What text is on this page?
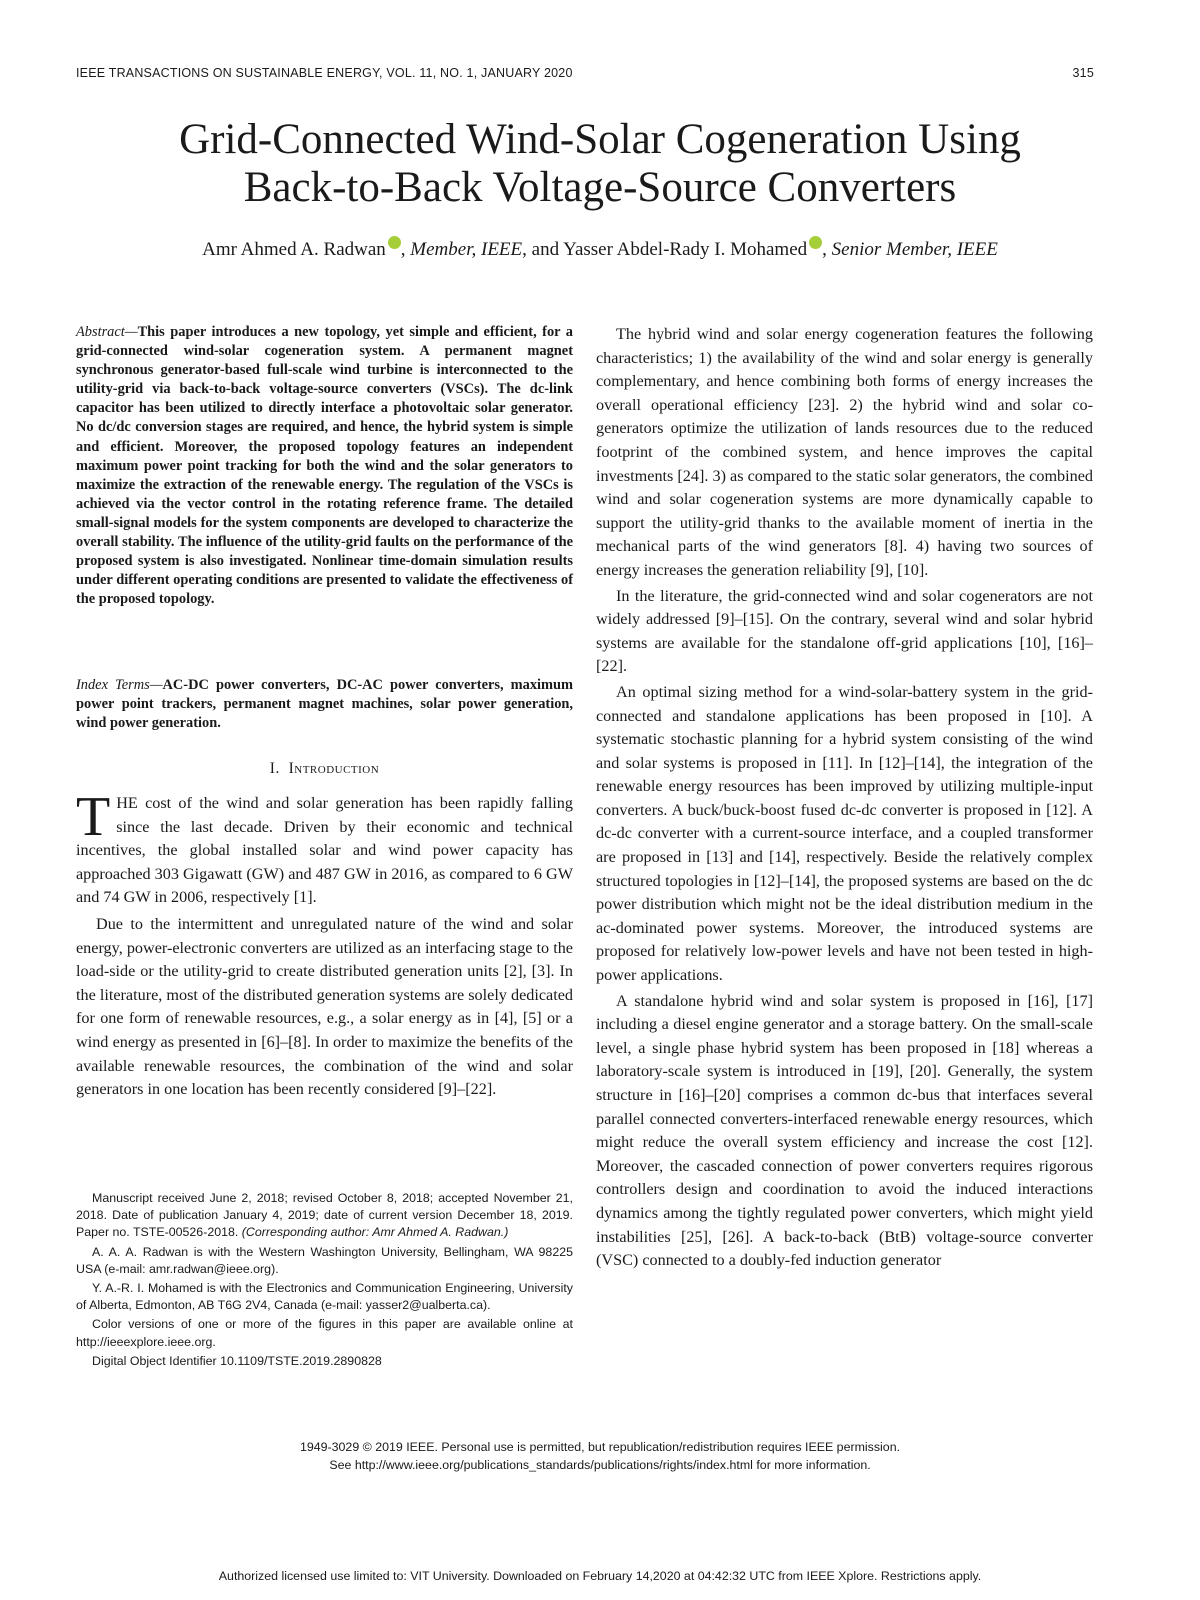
IEEE TRANSACTIONS ON SUSTAINABLE ENERGY, VOL. 11, NO. 1, JANUARY 2020	315
Grid-Connected Wind-Solar Cogeneration Using
Back-to-Back Voltage-Source Converters
Amr Ahmed A. Radwan , Member, IEEE, and Yasser Abdel-Rady I. Mohamed , Senior Member, IEEE
Abstract—This paper introduces a new topology, yet simple and efficient, for a grid-connected wind-solar cogeneration system. A permanent magnet synchronous generator-based full-scale wind turbine is interconnected to the utility-grid via back-to-back voltage-source converters (VSCs). The dc-link capacitor has been utilized to directly interface a photovoltaic solar generator. No dc/dc conversion stages are required, and hence, the hybrid system is simple and efficient. Moreover, the proposed topology features an independent maximum power point tracking for both the wind and the solar generators to maximize the extraction of the renewable energy. The regulation of the VSCs is achieved via the vector control in the rotating reference frame. The detailed small-signal models for the system components are developed to characterize the overall stability. The influence of the utility-grid faults on the performance of the proposed system is also investigated. Nonlinear time-domain simulation results under different operating conditions are presented to validate the effectiveness of the proposed topology.
Index Terms—AC-DC power converters, DC-AC power converters, maximum power point trackers, permanent magnet machines, solar power generation, wind power generation.
I. Introduction

THE cost of the wind and solar generation has been rapidly falling since the last decade. Driven by their economic and technical incentives, the global installed solar and wind power capacity has approached 303 Gigawatt (GW) and 487 GW in 2016, as compared to 6 GW and 74 GW in 2006, respectively [1].

Due to the intermittent and unregulated nature of the wind and solar energy, power-electronic converters are utilized as an interfacing stage to the load-side or the utility-grid to create distributed generation units [2], [3]. In the literature, most of the distributed generation systems are solely dedicated for one form of renewable resources, e.g., a solar energy as in [4], [5] or a wind energy as presented in [6]–[8]. In order to maximize the benefits of the available renewable resources, the combination of the wind and solar generators in one location has been recently considered [9]–[22].

Manuscript received June 2, 2018; revised October 8, 2018; accepted November 21, 2018. Date of publication January 4, 2019; date of current version December 18, 2019. Paper no. TSTE-00526-2018. (Corresponding author: Amr Ahmed A. Radwan.)

A. A. A. Radwan is with the Western Washington University, Bellingham, WA 98225 USA (e-mail: amr.radwan@ieee.org).

Y. A.-R. I. Mohamed is with the Electronics and Communication Engineering, University of Alberta, Edmonton, AB T6G 2V4, Canada (e-mail: yasser2@ualberta.ca).

Color versions of one or more of the figures in this paper are available online at http://ieeexplore.ieee.org.

Digital Object Identifier 10.1109/TSTE.2019.2890828

The hybrid wind and solar energy cogeneration features the following characteristics; 1) the availability of the wind and solar energy is generally complementary, and hence combining both forms of energy increases the overall operational efficiency [23]. 2) the hybrid wind and solar co-generators optimize the utilization of lands resources due to the reduced footprint of the combined system, and hence improves the capital investments [24]. 3) as compared to the static solar generators, the combined wind and solar cogeneration systems are more dynamically capable to support the utility-grid thanks to the available moment of inertia in the mechanical parts of the wind generators [8]. 4) having two sources of energy increases the generation reliability [9], [10].

In the literature, the grid-connected wind and solar cogenerators are not widely addressed [9]–[15]. On the contrary, several wind and solar hybrid systems are available for the standalone off-grid applications [10], [16]–[22].

An optimal sizing method for a wind-solar-battery system in the grid-connected and standalone applications has been proposed in [10]. A systematic stochastic planning for a hybrid system consisting of the wind and solar systems is proposed in [11]. In [12]–[14], the integration of the renewable energy resources has been improved by utilizing multiple-input converters. A buck/buck-boost fused dc-dc converter is proposed in [12]. A dc-dc converter with a current-source interface, and a coupled transformer are proposed in [13] and [14], respectively. Beside the relatively complex structured topologies in [12]–[14], the proposed systems are based on the dc power distribution which might not be the ideal distribution medium in the ac-dominated power systems. Moreover, the introduced systems are proposed for relatively low-power levels and have not been tested in high-power applications.

A standalone hybrid wind and solar system is proposed in [16], [17] including a diesel engine generator and a storage battery. On the small-scale level, a single phase hybrid system has been proposed in [18] whereas a laboratory-scale system is introduced in [19], [20]. Generally, the system structure in [16]–[20] comprises a common dc-bus that interfaces several parallel connected converters-interfaced renewable energy resources, which might reduce the overall system efficiency and increase the cost [12]. Moreover, the cascaded connection of power converters requires rigorous controllers design and coordination to avoid the induced interactions dynamics among the tightly regulated power converters, which might yield instabilities [25], [26]. A back-to-back (BtB) voltage-source converter (VSC) connected to a doubly-fed induction generator

1949-3029 © 2019 IEEE. Personal use is permitted, but republication/redistribution requires IEEE permission.
See http://www.ieee.org/publications_standards/publications/rights/index.html for more information.
Authorized licensed use limited to: VIT University. Downloaded on February 14,2020 at 04:42:32 UTC from IEEE Xplore. Restrictions apply.
